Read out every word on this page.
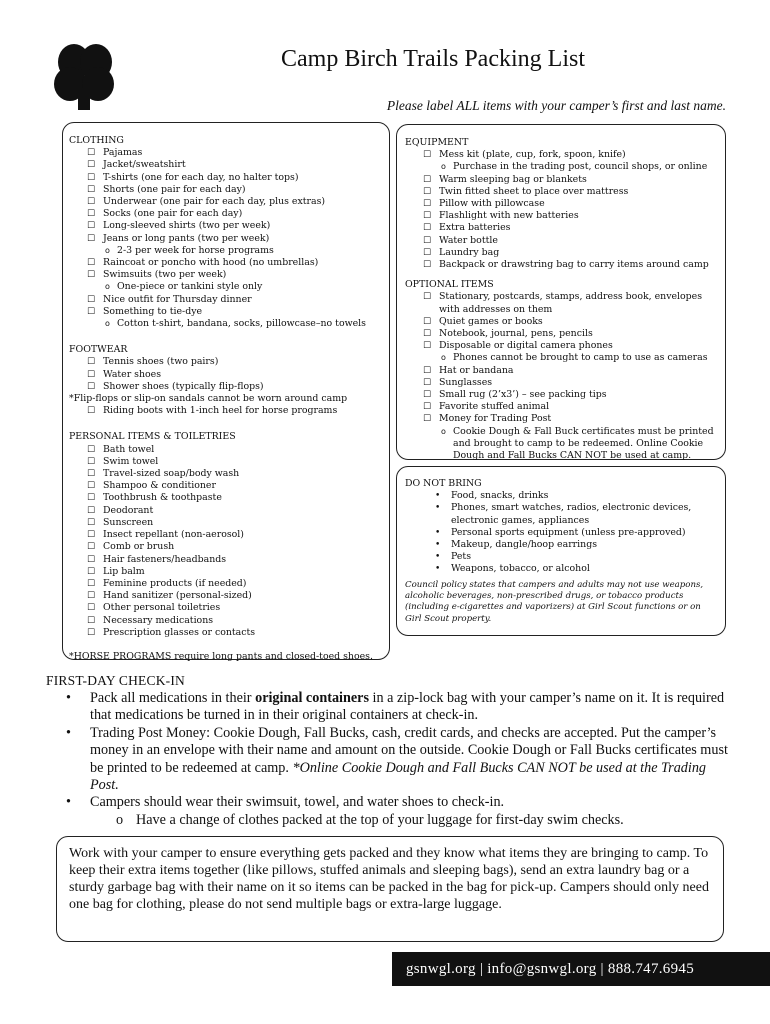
Camp Birch Trails Packing List
Please label ALL items with your camper’s first and last name.
CLOTHING
☐ Pajamas
☐ Jacket/sweatshirt
☐ T-shirts (one for each day, no halter tops)
☐ Shorts (one pair for each day)
☐ Underwear (one pair for each day, plus extras)
☐ Socks (one pair for each day)
☐ Long-sleeved shirts (two per week)
☐ Jeans or long pants (two per week)
o 2-3 per week for horse programs
☐ Raincoat or poncho with hood (no umbrellas)
☐ Swimsuits (two per week)
o One-piece or tankini style only
☐ Nice outfit for Thursday dinner
☐ Something to tie-dye
o Cotton t-shirt, bandana, socks, pillowcase–no towels
FOOTWEAR
☐ Tennis shoes (two pairs)
☐ Water shoes
☐ Shower shoes (typically flip-flops)
*Flip-flops or slip-on sandals cannot be worn around camp
☐ Riding boots with 1-inch heel for horse programs
PERSONAL ITEMS & TOILETRIES
☐ Bath towel
☐ Swim towel
☐ Travel-sized soap/body wash
☐ Shampoo & conditioner
☐ Toothbrush & toothpaste
☐ Deodorant
☐ Sunscreen
☐ Insect repellant (non-aerosol)
☐ Comb or brush
☐ Hair fasteners/headbands
☐ Lip balm
☐ Feminine products (if needed)
☐ Hand sanitizer (personal-sized)
☐ Other personal toiletries
☐ Necessary medications
☐ Prescription glasses or contacts
*HORSE PROGRAMS require long pants and closed-toed shoes.
EQUIPMENT
☐ Mess kit (plate, cup, fork, spoon, knife)
o Purchase in the trading post, council shops, or online
☐ Warm sleeping bag or blankets
☐ Twin fitted sheet to place over mattress
☐ Pillow with pillowcase
☐ Flashlight with new batteries
☐ Extra batteries
☐ Water bottle
☐ Laundry bag
☐ Backpack or drawstring bag to carry items around camp
OPTIONAL ITEMS
☐ Stationary, postcards, stamps, address book, envelopes with addresses on them
☐ Quiet games or books
☐ Notebook, journal, pens, pencils
☐ Disposable or digital camera phones
o Phones cannot be brought to camp to use as cameras
☐ Hat or bandana
☐ Sunglasses
☐ Small rug (2’x3’) – see packing tips
☐ Favorite stuffed animal
☐ Money for Trading Post
o Cookie Dough & Fall Buck certificates must be printed and brought to camp to be redeemed. Online Cookie Dough and Fall Bucks CAN NOT be used at camp.
DO NOT BRING
• Food, snacks, drinks
• Phones, smart watches, radios, electronic devices, electronic games, appliances
• Personal sports equipment (unless pre-approved)
• Makeup, dangle/hoop earrings
• Pets
• Weapons, tobacco, or alcohol
Council policy states that campers and adults may not use weapons, alcoholic beverages, non-prescribed drugs, or tobacco products (including e-cigarettes and vaporizers) at Girl Scout functions or on Girl Scout property.
FIRST-DAY CHECK-IN
• Pack all medications in their original containers in a zip-lock bag with your camper’s name on it. It is required that medications be turned in in their original containers at check-in.
• Trading Post Money: Cookie Dough, Fall Bucks, cash, credit cards, and checks are accepted. Put the camper’s money in an envelope with their name and amount on the outside. Cookie Dough or Fall Bucks certificates must be printed to be redeemed at camp. *Online Cookie Dough and Fall Bucks CAN NOT be used at the Trading Post.
• Campers should wear their swimsuit, towel, and water shoes to check-in.
o Have a change of clothes packed at the top of your luggage for first-day swim checks.
Work with your camper to ensure everything gets packed and they know what items they are bringing to camp. To keep their extra items together (like pillows, stuffed animals and sleeping bags), send an extra laundry bag or a sturdy garbage bag with their name on it so items can be packed in the bag for pick-up. Campers should only need one bag for clothing, please do not send multiple bags or extra-large luggage.
gsnwgl.org | info@gsnwgl.org | 888.747.6945
